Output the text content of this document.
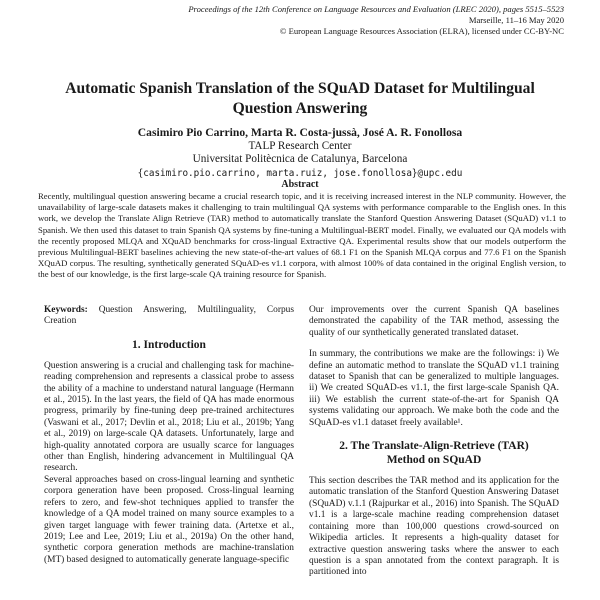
Proceedings of the 12th Conference on Language Resources and Evaluation (LREC 2020), pages 5515–5523
Marseille, 11–16 May 2020
© European Language Resources Association (ELRA), licensed under CC-BY-NC
Automatic Spanish Translation of the SQuAD Dataset for Multilingual
Question Answering
Casimiro Pio Carrino, Marta R. Costa-jussà, José A. R. Fonollosa
TALP Research Center
Universitat Politècnica de Catalunya, Barcelona
{casimiro.pio.carrino, marta.ruiz, jose.fonollosa}@upc.edu
Abstract
Recently, multilingual question answering became a crucial research topic, and it is receiving increased interest in the NLP community. However, the unavailability of large-scale datasets makes it challenging to train multilingual QA systems with performance comparable to the English ones. In this work, we develop the Translate Align Retrieve (TAR) method to automatically translate the Stanford Question Answering Dataset (SQuAD) v1.1 to Spanish. We then used this dataset to train Spanish QA systems by fine-tuning a Multilingual-BERT model. Finally, we evaluated our QA models with the recently proposed MLQA and XQuAD benchmarks for cross-lingual Extractive QA. Experimental results show that our models outperform the previous Multilingual-BERT baselines achieving the new state-of-the-art values of 68.1 F1 on the Spanish MLQA corpus and 77.6 F1 on the Spanish XQuAD corpus. The resulting, synthetically generated SQuAD-es v1.1 corpora, with almost 100% of data contained in the original English version, to the best of our knowledge, is the first large-scale QA training resource for Spanish.

Keywords: Question Answering, Multilinguality, Corpus Creation

1. Introduction

Question answering is a crucial and challenging task for machine-reading comprehension and represents a classical probe to assess the ability of a machine to understand natural language (Hermann et al., 2015). In the last years, the field of QA has made enormous progress, primarily by fine-tuning deep pre-trained architectures (Vaswani et al., 2017; Devlin et al., 2018; Liu et al., 2019b; Yang et al., 2019) on large-scale QA datasets. Unfortunately, large and high-quality annotated corpora are usually scarce for languages other than English, hindering advancement in Multilingual QA research.

Several approaches based on cross-lingual learning and synthetic corpora generation have been proposed. Cross-lingual learning refers to zero, and few-shot techniques applied to transfer the knowledge of a QA model trained on many source examples to a given target language with fewer training data. (Artetxe et al., 2019; Lee and Lee, 2019; Liu et al., 2019a) On the other hand, synthetic corpora generation methods are machine-translation (MT) based designed to automatically generate language-specific

Our improvements over the current Spanish QA baselines demonstrated the capability of the TAR method, assessing the quality of our synthetically generated translated dataset.

In summary, the contributions we make are the followings: i) We define an automatic method to translate the SQuAD v1.1 training dataset to Spanish that can be generalized to multiple languages. ii) We created SQuAD-es v1.1, the first large-scale Spanish QA. iii) We establish the current state-of-the-art for Spanish QA systems validating our approach. We make both the code and the SQuAD-es v1.1 dataset freely available¹.

2. The Translate-Align-Retrieve (TAR)
Method on SQuAD

This section describes the TAR method and its application for the automatic translation of the Stanford Question Answering Dataset (SQuAD) v.1.1 (Rajpurkar et al., 2016) into Spanish. The SQuAD v1.1 is a large-scale machine reading comprehension dataset containing more than 100,000 questions crowd-sourced on Wikipedia articles. It represents a high-quality dataset for extractive question answering tasks where the answer to each question is a span annotated from the context paragraph. It is partitioned into
